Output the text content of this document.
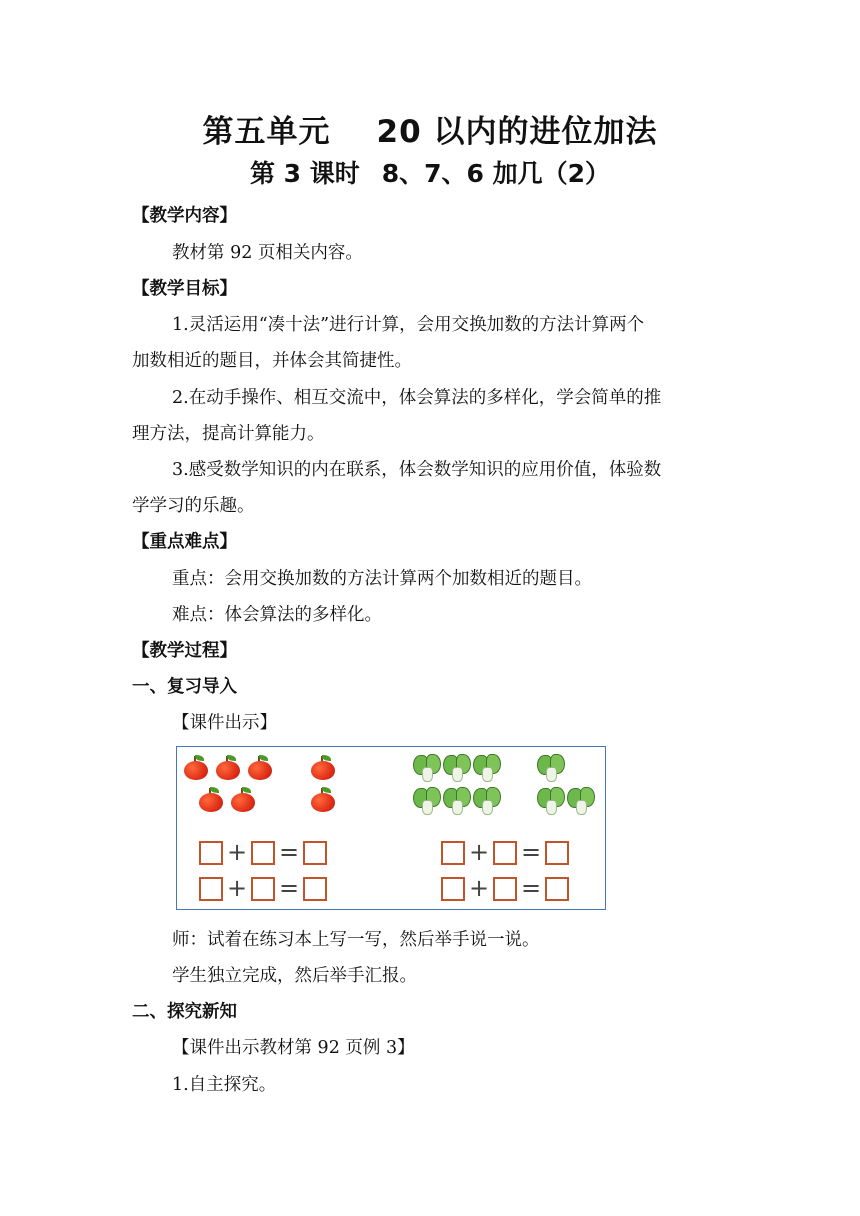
第五单元 20 以内的进位加法
第 3 课时 8、7、6 加几（2）
【教学内容】
教材第 92 页相关内容。
【教学目标】
1.灵活运用“凑十法”进行计算，会用交换加数的方法计算两个
加数相近的题目，并体会其简捷性。
2.在动手操作、相互交流中，体会算法的多样化，学会简单的推
理方法，提高计算能力。
3.感受数学知识的内在联系，体会数学知识的应用价值，体验数
学学习的乐趣。
【重点难点】
重点：会用交换加数的方法计算两个加数相近的题目。
难点：体会算法的多样化。
【教学过程】
一、复习导入
【课件出示】
+ =
+ =
+ =
+ =
师：试着在练习本上写一写，然后举手说一说。
学生独立完成，然后举手汇报。
二、探究新知
【课件出示教材第 92 页例 3】
1.自主探究。
